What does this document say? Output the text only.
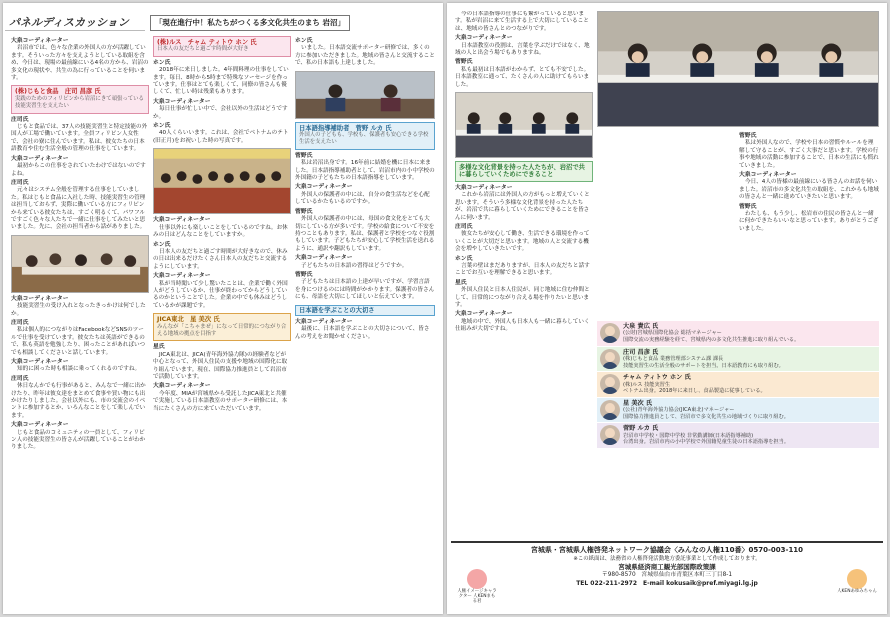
パネルディスカッション	「現在進行中！私たちがつくる多文化共生のまち 岩沼」
大泉コーディネーター
岩沼市では、色々な企業の外国人の方が活躍しています。そういった方々を支えようとしている取組を含め、今日は、現場の最前線にいる4名の方から、岩沼の多文化の現状や、共生の為に行っていることを伺います。
(株)じもと食品　庄司 昌彦 氏
実践のためのフィリピンから岩沼にきて頑張っている技能実習生を支えたい
庄司氏
じもと食品では、37人の技能実習生と特定技能の外国人が工場で働いています。全員フィリピン人女性で、会社の寮に住んでいます。私は、彼女たちの日本語教育や住む生活全般の管理の仕事をしています。
大泉コーディネーター
最初からこの仕事をされていたわけではないのですよね。
庄司氏
元々はシステム全般を管理する仕事をしていました。私はじもと食品に入社した時、技能実習生の管理は担当しておらず、実際に働いている方にフィリピンから来ている彼女たちは、すごく明るくて、パワフルですごく色々な人たちで一緒に仕事をしてみたいと思いました。先に、会社の担当者から話がありました。
大泉コーディネーター
技能実習生の受け入れとなったきっかけは何でしたか。
庄司氏
私は個人的につながりはFacebookなどSNSのツールで仕事を受けています。彼女たちは英語ができるので、私も英語を勉強したり、困ったことがあればいつでも相談してくださいと話しています。
大泉コーディネーター
知的に困った時も相談に乗ってくれるのですね。
庄司氏
休日なんかでも行事があると、みんなで一緒に出かけたり、昨年は彼女達をまとめて食事や買い物にも出かけたりしました。会社以外にも、市の交流会のイベントに参加するとか、いろんなことをして楽しんでいます。
大泉コーディネーター
じもと食品のコミュニティの一員として、フィリピン人の技能実習生の皆さんが活躍していることがわかりました。
(株)ルス　チャム ティトウ ホン 氏
日本人の友だちと過ごす時間が大好き
ホン氏
2018年に来日しました。4年間料理の仕事をしています。毎日、8時から5時まで特殊なソーセージを作っています。仕事はとても楽しくて、同僚の皆さんも優しくて、忙しい時は残業もあります。
大泉コーディネーター
毎日仕事が忙しい中で、会社以外の生活はどうですか。
ホン氏
40人くらいいます。これは、会社でベトナムのテト(旧正月)をお祝いした時の写真です。
大泉コーディネーター
仕事以外にも楽しいことをしているのですね。お休みの日はどんなことをしていますか。
ホン氏
日本人の友だちと過ごす時間が大好きなので、休みの日は出来るだけたくさん日本人の友だちと交流するようにしています。
大泉コーディネーター
私が当時聞いて少し驚いたことは、企業で働く外国人がどうしているか、仕事が終わってからどうしているのかということでした。企業の中でも休みはどうしているかが課題です。
JICA東北　星 美次 氏
みんなが「こちゃまぜ」になって日常的につながり合える地域の拠点を目指す
星氏
JICA東北は、JICA(青年海外協力隊)の経験者などが中心となって、外国人住民の支援や地域の国際化に取り組んでいます。現在、国際協力推進員として岩沼市で活動しています。
大泉コーディネーター
今年度、MIAが宮城県から受託したJICA東北と共催で実施している日本語教室のサポーター研修には、本当にたくさんの方に来ていただいています。
ホン氏
いました。日本語交流サポーター研修では、多くの方に参加いただきました。地域の皆さんと交流することで、私の日本語も上達しました。
日本語指導補助者　菅野 ルカ 氏
外国人の子どもも、学校も、保護者も安心できる学校生活を支えたい
菅野氏
私は岩沼出身です。16年前に結婚を機に日本に来ました。日本語指導補助者として、岩沼市内の小中学校の外国籍の子どもたちの日本語指導をしています。
大泉コーディネーター
外国人の保護者の中には、自分の食生活などを心配しているかたもいるのですか。
菅野氏
外国人の保護者の中には、母国の食文化をとても大切にしている方が多いです。学校の給食について不安を持つこともあります。私は、保護者と学校をつなぐ役割もしています。子どもたちが安心して学校生活を送れるように、通訳や翻訳もしています。
大泉コーディネーター
子どもたちの日本語の習得はどうですか。
菅野氏
子どもたちは日本語の上達が早いですが、学習言語を身につけるのには時間がかかります。保護者の皆さんにも、母語を大切にしてほしいと伝えています。
日本語を学ぶことの大切さ
大泉コーディネーター
最後に、日本語を学ぶことの大切さについて、皆さんの考えをお聞かせください。
今の日本語指導の仕事にも繋がっていると思います。私が岩沼に来て生活する上で大切にしていることは、地域の皆さんとのつながりです。
大泉コーディネーター
日本語教室の役割は、言葉を学ぶだけではなく、地域の人と出会う場でもありますね。
菅野氏
私も最初は日本語がわからず、とても不安でした。日本語教室に通って、たくさんの人に助けてもらいました。
多様な文化背景を持った人たちが、岩沼で共に暮らしていくためにできること
大泉コーディネーター
これから岩沼には外国人の方がもっと増えていくと思います。そういう多様な文化背景を持った人たちが、岩沼で共に暮らしていくためにできることを皆さんに伺います。
庄司氏
彼女たちが安心して働き、生活できる環境を作っていくことが大切だと思います。地域の人と交流する機会を増やしていきたいです。
ホン氏
言葉の壁はまだありますが、日本人の友だちと話すことでお互いを理解できると思います。
星氏
外国人住民と日本人住民が、同じ地域に住む仲間として、日常的につながり合える場を作りたいと思います。
大泉コーディネーター
地域の中で、外国人も日本人も一緒に暮らしていく仕組みが大切ですね。
菅野氏
私は外国人なので、学校や日本の習慣やルールを理解して守ることが、すごく大事だと思います。学校の行事や地域の活動に参加することで、日本の生活にも慣れていきました。
大泉コーディネーター
今日、4人の皆様の最前線にいる皆さんのお話を伺いました。岩沼市の多文化共生の取組を、これからも地域の皆さんと一緒に進めていきたいと思います。
菅野氏
わたしも、もう少し、松岩市の住民の皆さんと一緒に何かできたらいいなと思っています。ありがとうございました。
大泉 貴広 氏
(公財)宮城県国際化協会 総括マネージャー
国際交流の実務経験を経て、宮城県内の多文化共生推進に取り組んでいる。
庄司 昌彦 氏
(株)じもと食品 業務管理部システム課 課長
技能実習生の生活全般のサポートを担当。日本語教育にも取り組む。
チャム ティトウ ホン 氏
(株)ルス 技能実習生
ベトナム出身。2018年に来日し、食品製造に従事している。
星 美次 氏
(公社)青年海外協力協会(JICA東北)マネージャー
国際協力推進員として、岩沼市で多文化共生の地域づくりに取り組む。
菅野 ルカ 氏
岩沼市中学校・国際中学校 非常勤講師(日本語指導補助)
台湾出身。岩沼市内の小中学校で外国籍児童生徒の日本語指導を担当。
宮城県・宮城県人権啓発ネットワーク協議会〈みんなの人権110番〉0570-003-110
※この紙面は、法務省の人権啓発活動地方委託事業として作成しております。
宮城県経済商工観光部国際政策課
〒980-8570　宮城県仙台市青葉区本町三丁目8-1
TEL 022-211-2972　E-mail kokusaik@pref.miyagi.lg.jp
人権イメージキャラクター 人KENまもる君
人KENあゆみちゃん
